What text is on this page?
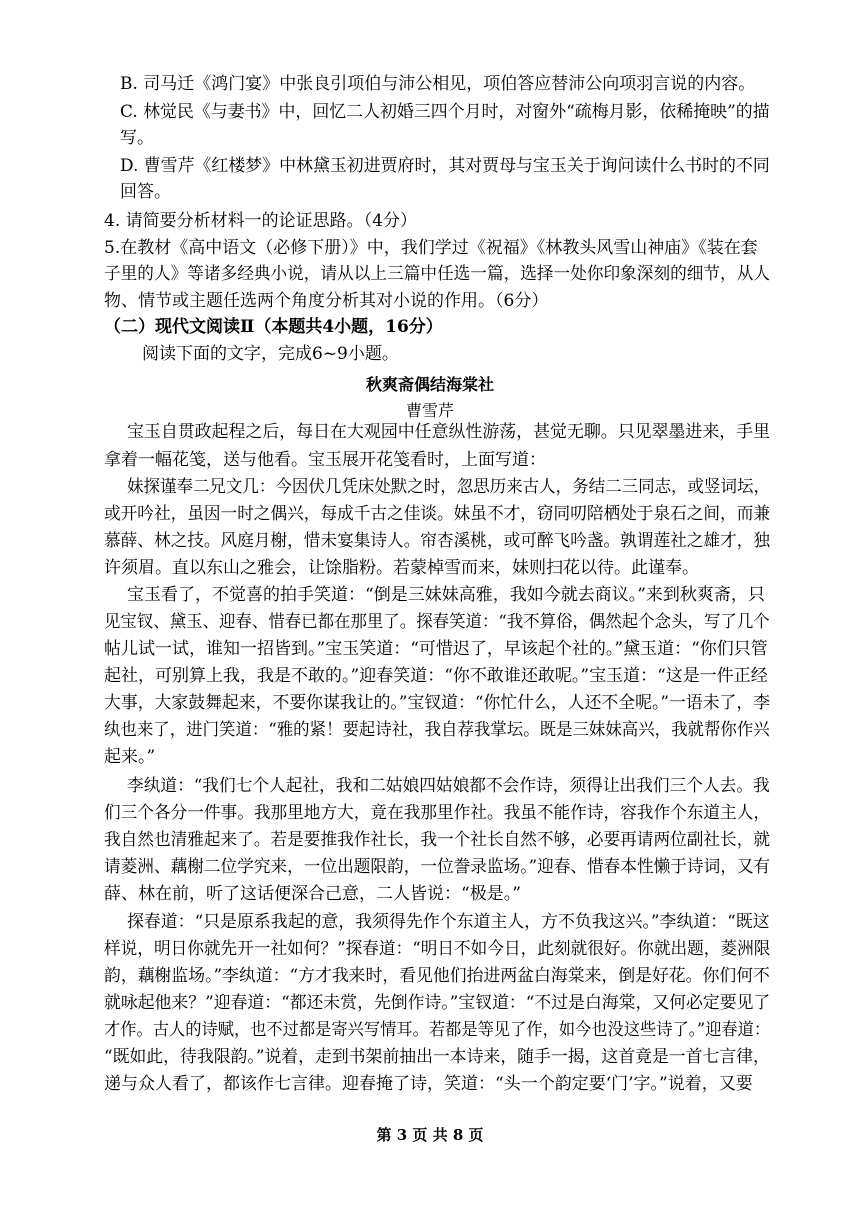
B. 司马迁《鸿门宴》中张良引项伯与沛公相见，项伯答应替沛公向项羽言说的内容。
C. 林觉民《与妻书》中，回忆二人初婚三四个月时，对窗外“疏梅月影，依稀掩映”的描
写。
D. 曹雪芹《红楼梦》中林黛玉初进贾府时，其对贾母与宝玉关于询问读什么书时的不同
回答。
4. 请简要分析材料一的论证思路。（4分）
5.在教材《高中语文（必修下册）》中，我们学过《祝福》《林教头风雪山神庙》《装在套
子里的人》等诸多经典小说，请从以上三篇中任选一篇，选择一处你印象深刻的细节，从人
物、情节或主题任选两个角度分析其对小说的作用。（6分）
（二）现代文阅读Ⅱ（本题共4小题，16分）
阅读下面的文字，完成6~9小题。
秋爽斋偶结海棠社
曹雪芹
宝玉自贯政起程之后，每日在大观园中任意纵性游荡，甚觉无聊。只见翠墨进来，手里
拿着一幅花笺，送与他看。宝玉展开花笺看时，上面写道：
妹探谨奉二兄文几：今因伏几凭床处默之时，忽思历来古人，务结二三同志，或竖词坛，
或开吟社，虽因一时之偶兴，每成千古之佳谈。妹虽不才，窃同叨陪栖处于泉石之间，而兼
慕薛、林之技。风庭月榭，惜未宴集诗人。帘杏溪桃，或可醉飞吟盏。孰谓莲社之雄才，独
许须眉。直以东山之雅会，让馀脂粉。若蒙棹雪而来，妹则扫花以待。此谨奉。
宝玉看了，不觉喜的拍手笑道：“倒是三妹妹高雅，我如今就去商议。”来到秋爽斋，只
见宝钗、黛玉、迎春、惜春已都在那里了。探春笑道：“我不算俗，偶然起个念头，写了几个
帖儿试一试，谁知一招皆到。”宝玉笑道：“可惜迟了，早该起个社的。”黛玉道：“你们只管
起社，可别算上我，我是不敢的。”迎春笑道：“你不敢谁还敢呢。”宝玉道：“这是一件正经
大事，大家鼓舞起来，不要你谋我让的。”宝钗道：“你忙什么，人还不全呢。”一语未了，李
纨也来了，进门笑道：“雅的紧！要起诗社，我自荐我掌坛。既是三妹妹高兴，我就帮你作兴
起来。”
李纨道：“我们七个人起社，我和二姑娘四姑娘都不会作诗，须得让出我们三个人去。我
们三个各分一件事。我那里地方大，竟在我那里作社。我虽不能作诗，容我作个东道主人，
我自然也清雅起来了。若是要推我作社长，我一个社长自然不够，必要再请两位副社长，就
请菱洲、藕榭二位学究来，一位出题限韵，一位誊录监场。”迎春、惜春本性懒于诗词，又有
薛、林在前，听了这话便深合己意，二人皆说：“极是。”
探春道：“只是原系我起的意，我须得先作个东道主人，方不负我这兴。”李纨道：“既这
样说，明日你就先开一社如何？”探春道：“明日不如今日，此刻就很好。你就出题，菱洲限
韵，藕榭监场。”李纨道：“方才我来时，看见他们抬进两盆白海棠来，倒是好花。你们何不
就咏起他来？”迎春道：“都还未赏，先倒作诗。”宝钗道：“不过是白海棠，又何必定要见了
才作。古人的诗赋，也不过都是寄兴写情耳。若都是等见了作，如今也没这些诗了。”迎春道：
“既如此，待我限韵。”说着，走到书架前抽出一本诗来，随手一揭，这首竟是一首七言律，
递与众人看了，都该作七言律。迎春掩了诗，笑道：“头一个韵定要‘门’字。”说着，又要
第 3 页 共 8 页
